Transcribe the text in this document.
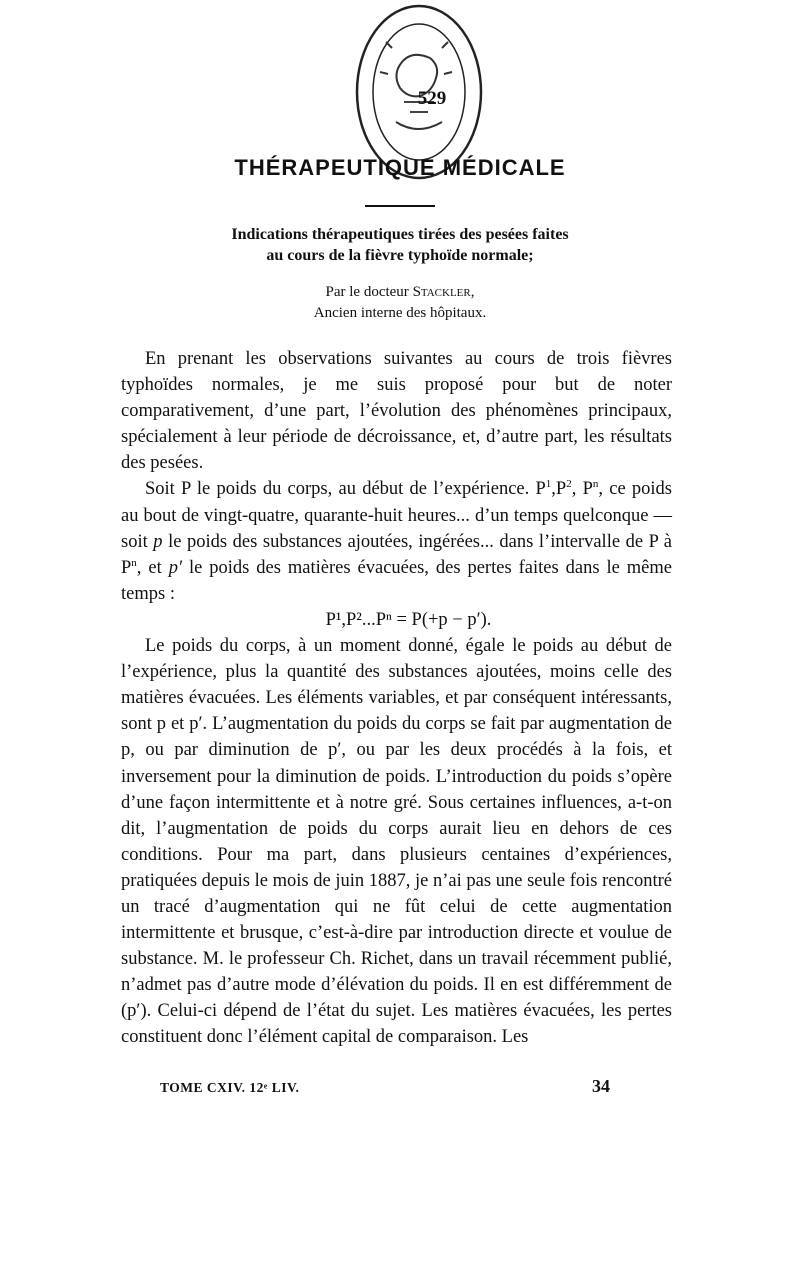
529
THÉRAPEUTIQUE MÉDICALE
Indications thérapeutiques tirées des pesées faites
au cours de la fièvre typhoïde normale;
Par le docteur Stackler,
Ancien interne des hôpitaux.

En prenant les observations suivantes au cours de trois fièvres typhoïdes normales, je me suis proposé pour but de noter comparativement, d’une part, l’évolution des phénomènes principaux, spécialement à leur période de décroissance, et, d’autre part, les résultats des pesées.

Soit P le poids du corps, au début de l’expérience. $P^1,P^2$, $P^n$, ce poids au bout de vingt-quatre, quarante-huit heures... d’un temps quelconque — soit p le poids des substances ajoutées, ingérées... dans l’intervalle de P à $P^n$, et p′ le poids des matières évacuées, des pertes faites dans le même temps :

P¹,P²...Pⁿ = P(+p − p′).

Le poids du corps, à un moment donné, égale le poids au début de l’expérience, plus la quantité des substances ajoutées, moins celle des matières évacuées. Les éléments variables, et par conséquent intéressants, sont p et p′. L’augmentation du poids du corps se fait par augmentation de p, ou par diminution de p′, ou par les deux procédés à la fois, et inversement pour la diminution de poids. L’introduction du poids s’opère d’une façon intermittente et à notre gré. Sous certaines influences, a-t-on dit, l’augmentation de poids du corps aurait lieu en dehors de ces conditions. Pour ma part, dans plusieurs centaines d’expériences, pratiquées depuis le mois de juin 1887, je n’ai pas une seule fois rencontré un tracé d’augmentation qui ne fût celui de cette augmentation intermittente et brusque, c’est-à-dire par introduction directe et voulue de substance. M. le professeur Ch. Richet, dans un travail récemment publié, n’admet pas d’autre mode d’élévation du poids. Il en est différemment de (p′). Celui-ci dépend de l’état du sujet. Les matières évacuées, les pertes constituent donc l’élément capital de comparaison. Les

TOME CXIV. 12ᵉ LIV.	34
